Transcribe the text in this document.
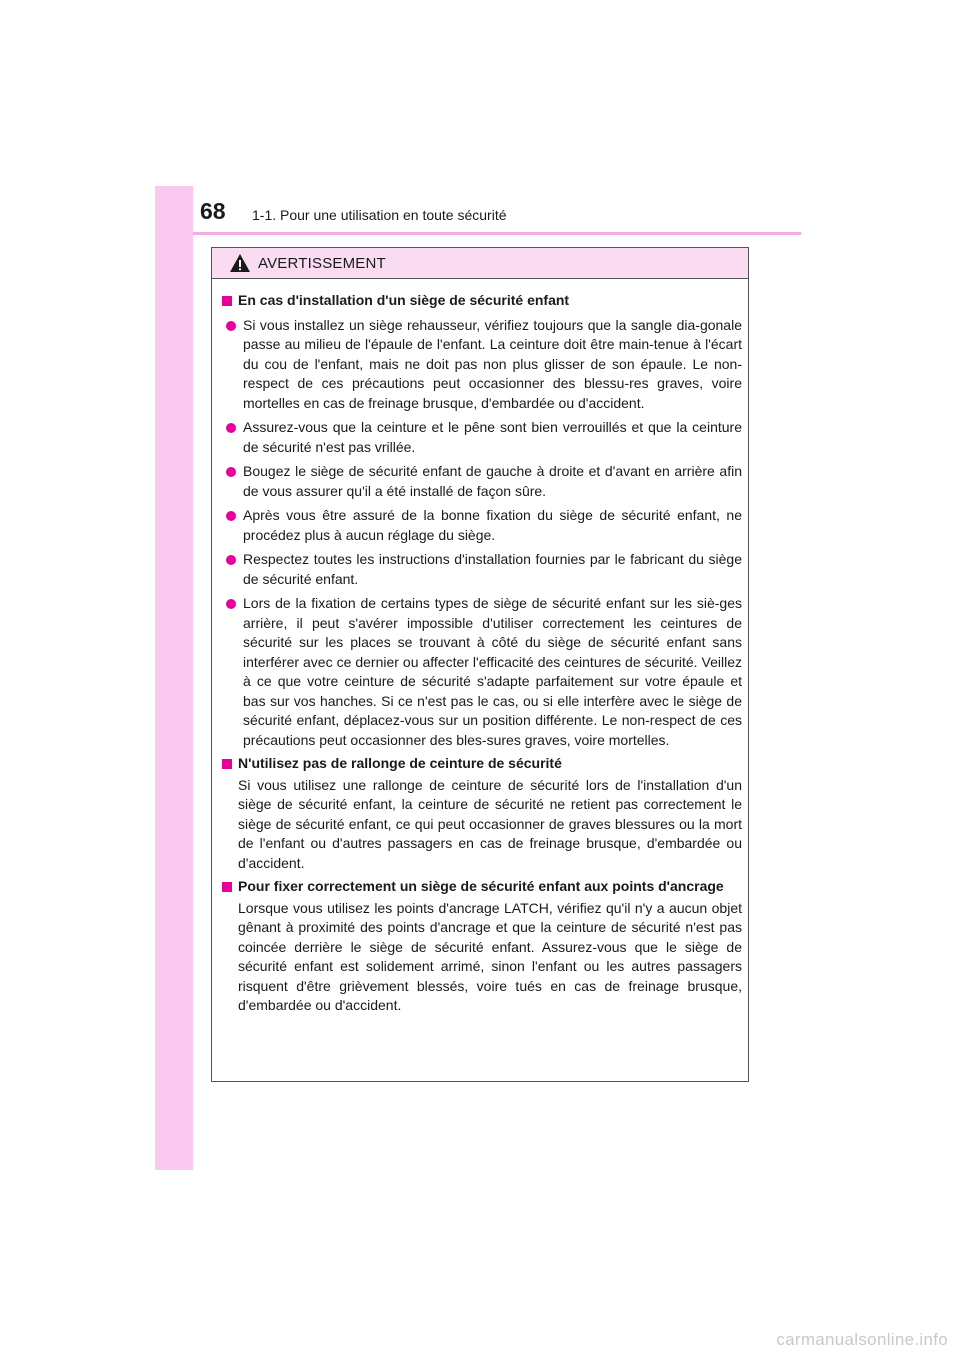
68 1-1. Pour une utilisation en toute sécurité
AVERTISSEMENT
En cas d'installation d'un siège de sécurité enfant
Si vous installez un siège rehausseur, vérifiez toujours que la sangle dia-gonale passe au milieu de l'épaule de l'enfant. La ceinture doit être main-tenue à l'écart du cou de l'enfant, mais ne doit pas non plus glisser de son épaule. Le non-respect de ces précautions peut occasionner des blessu-res graves, voire mortelles en cas de freinage brusque, d'embardée ou d'accident.
Assurez-vous que la ceinture et le pêne sont bien verrouillés et que la ceinture de sécurité n'est pas vrillée.
Bougez le siège de sécurité enfant de gauche à droite et d'avant en arrière afin de vous assurer qu'il a été installé de façon sûre.
Après vous être assuré de la bonne fixation du siège de sécurité enfant, ne procédez plus à aucun réglage du siège.
Respectez toutes les instructions d'installation fournies par le fabricant du siège de sécurité enfant.
Lors de la fixation de certains types de siège de sécurité enfant sur les siè-ges arrière, il peut s'avérer impossible d'utiliser correctement les ceintures de sécurité sur les places se trouvant à côté du siège de sécurité enfant sans interférer avec ce dernier ou affecter l'efficacité des ceintures de sécurité. Veillez à ce que votre ceinture de sécurité s'adapte parfaitement sur votre épaule et bas sur vos hanches. Si ce n'est pas le cas, ou si elle interfère avec le siège de sécurité enfant, déplacez-vous sur un position différente. Le non-respect de ces précautions peut occasionner des bles-sures graves, voire mortelles.
N'utilisez pas de rallonge de ceinture de sécurité
Si vous utilisez une rallonge de ceinture de sécurité lors de l'installation d'un siège de sécurité enfant, la ceinture de sécurité ne retient pas correctement le siège de sécurité enfant, ce qui peut occasionner de graves blessures ou la mort de l'enfant ou d'autres passagers en cas de freinage brusque, d'embardée ou d'accident.
Pour fixer correctement un siège de sécurité enfant aux points d'ancrage
Lorsque vous utilisez les points d'ancrage LATCH, vérifiez qu'il n'y a aucun objet gênant à proximité des points d'ancrage et que la ceinture de sécurité n'est pas coincée derrière le siège de sécurité enfant. Assurez-vous que le siège de sécurité enfant est solidement arrimé, sinon l'enfant ou les autres passagers risquent d'être grièvement blessés, voire tués en cas de freinage brusque, d'embardée ou d'accident.
carmanualsonline.info
